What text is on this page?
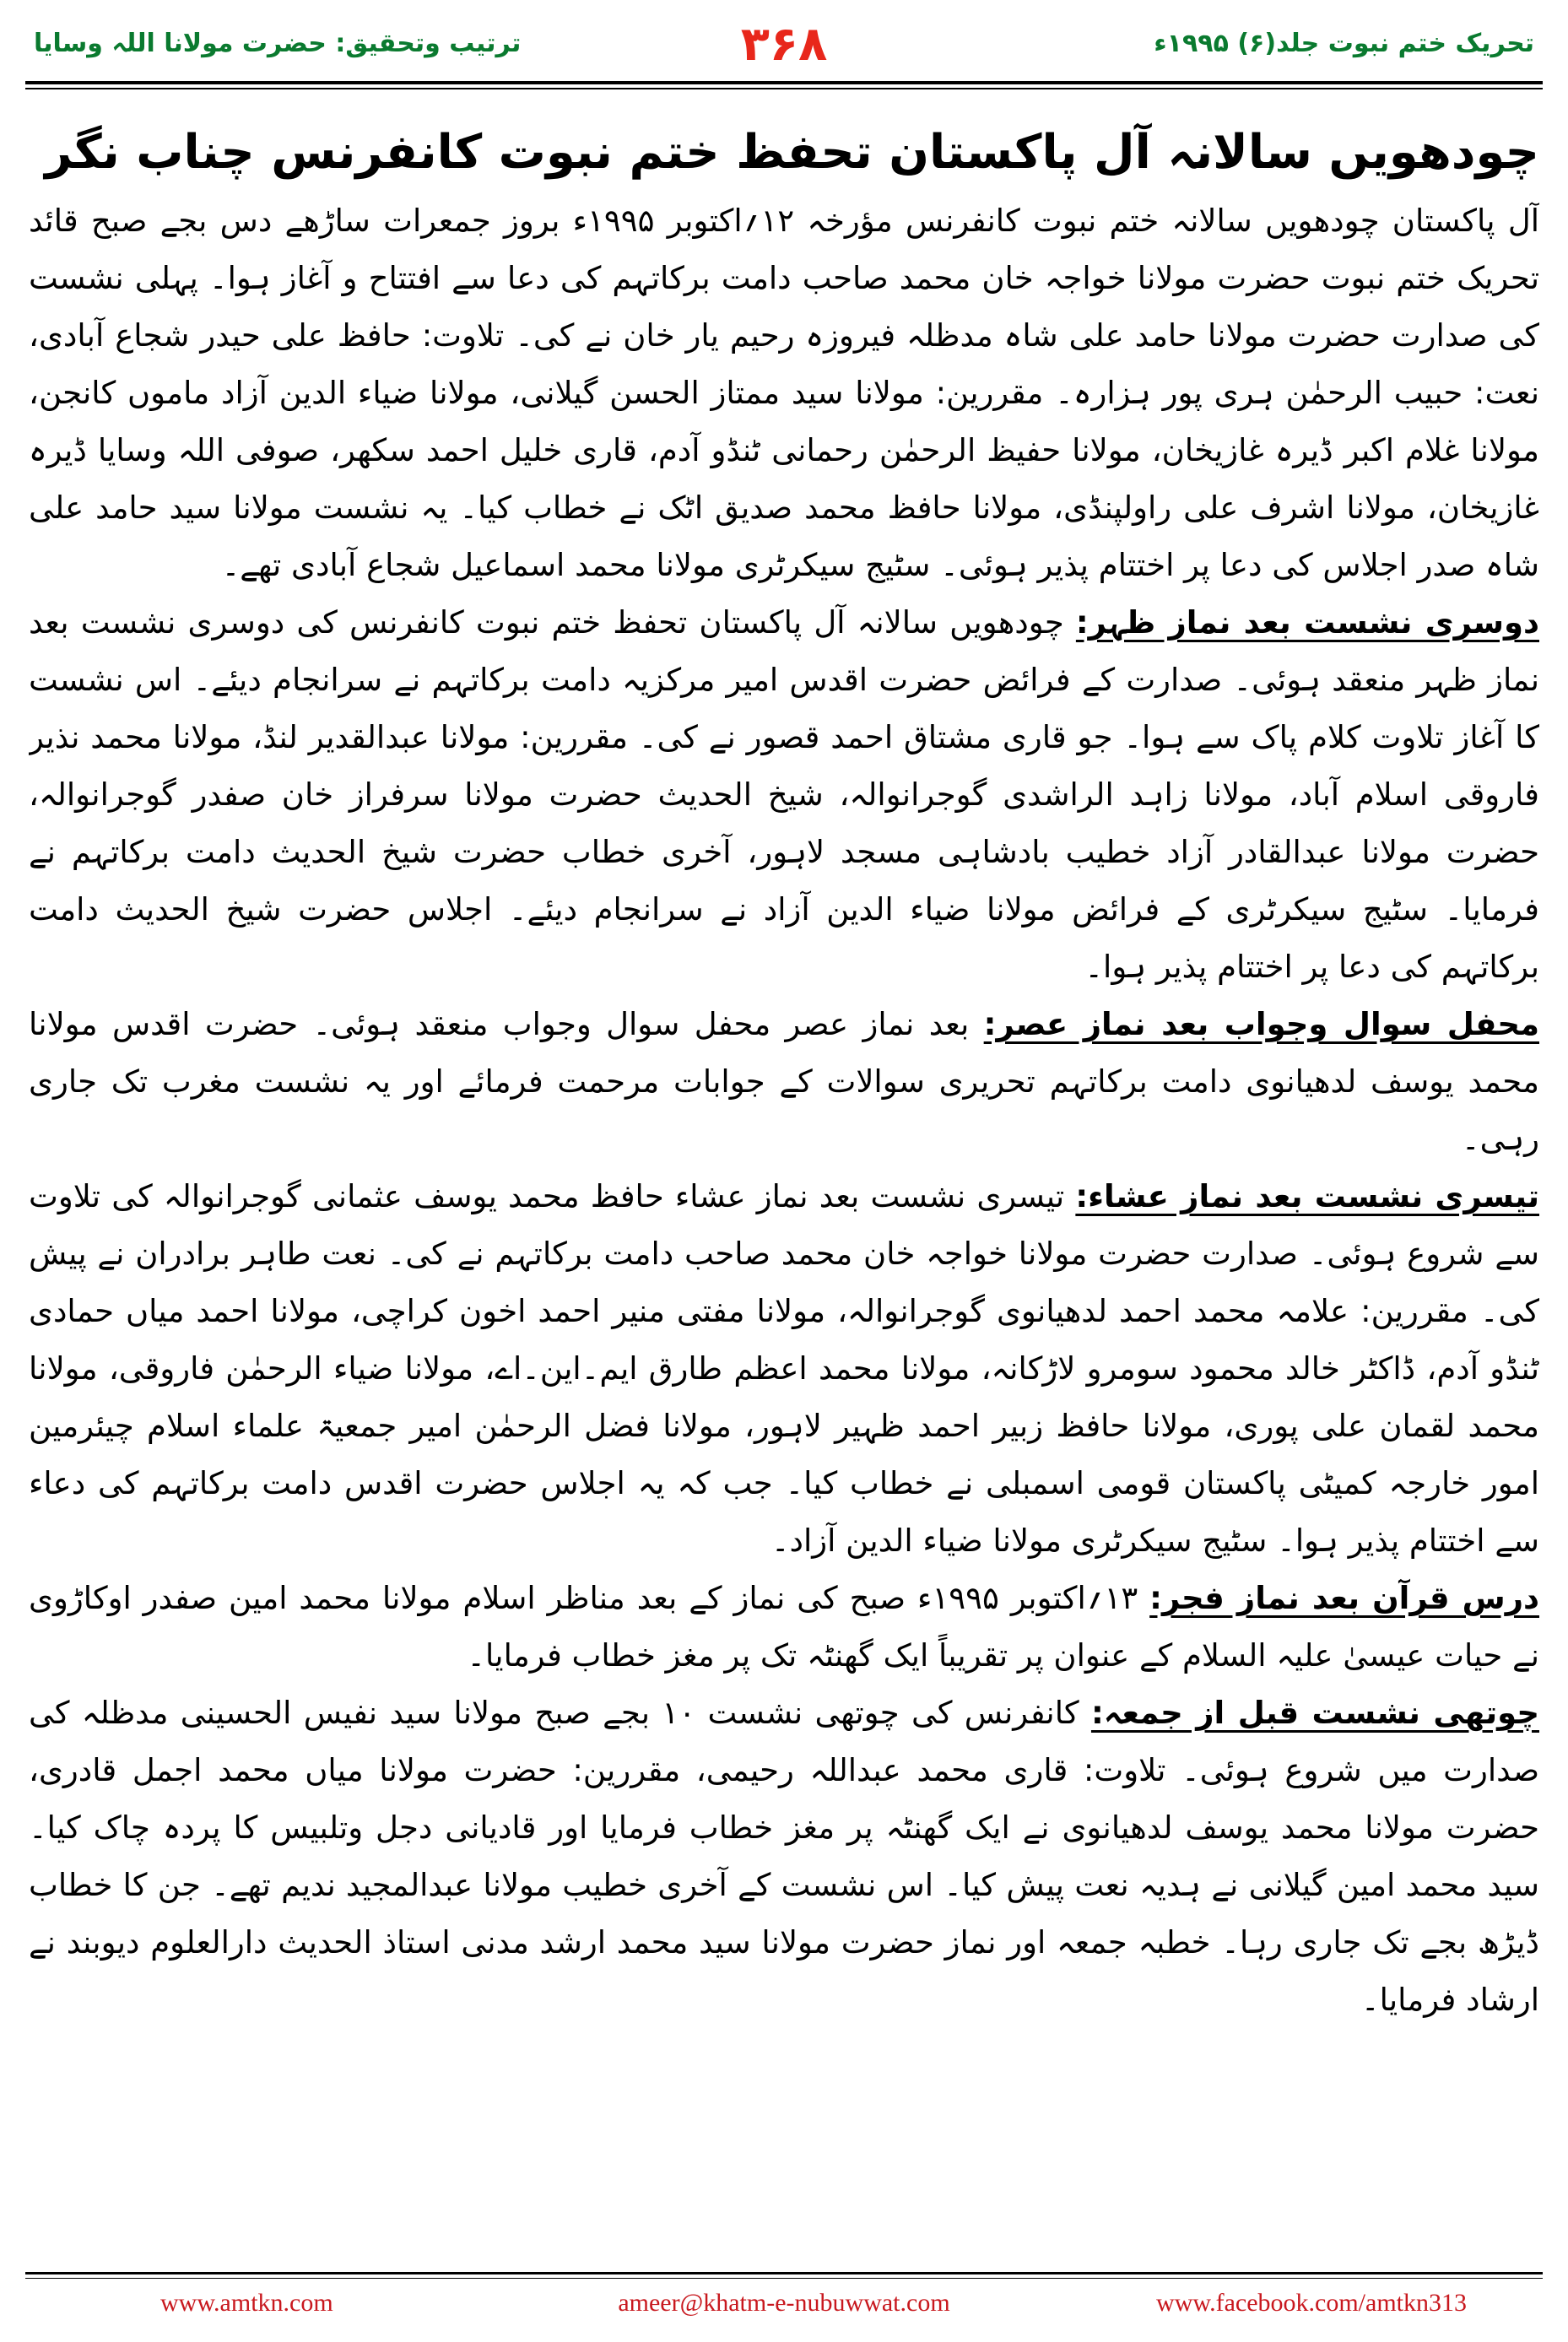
تحریک ختم نبوت جلد(۶) ۱۹۹۵ء
۳۶۸
ترتیب وتحقیق: حضرت مولانا اللہ وسایا
چودھویں سالانہ آل پاکستان تحفظ ختم نبوت کانفرنس چناب نگر

آل پاکستان چودھویں سالانہ ختم نبوت کانفرنس مؤرخہ ۱۲؍اکتوبر ۱۹۹۵ء بروز جمعرات ساڑھے دس بجے صبح قائد تحریک ختم نبوت حضرت مولانا خواجہ خان محمد صاحب دامت برکاتہم کی دعا سے افتتاح و آغاز ہوا۔ پہلی نشست کی صدارت حضرت مولانا حامد علی شاہ مدظلہ فیروزہ رحیم یار خان نے کی۔ تلاوت: حافظ علی حیدر شجاع آبادی، نعت: حبیب الرحمٰن ہری پور ہزارہ۔ مقررین: مولانا سید ممتاز الحسن گیلانی، مولانا ضیاء الدین آزاد ماموں کانجن، مولانا غلام اکبر ڈیرہ غازیخان، مولانا حفیظ الرحمٰن رحمانی ٹنڈو آدم، قاری خلیل احمد سکھر، صوفی اللہ وسایا ڈیرہ غازیخان، مولانا اشرف علی راولپنڈی، مولانا حافظ محمد صدیق اٹک نے خطاب کیا۔ یہ نشست مولانا سید حامد علی شاہ صدر اجلاس کی دعا پر اختتام پذیر ہوئی۔ سٹیج سیکرٹری مولانا محمد اسماعیل شجاع آبادی تھے۔

دوسری نشست بعد نماز ظہر: چودھویں سالانہ آل پاکستان تحفظ ختم نبوت کانفرنس کی دوسری نشست بعد نماز ظہر منعقد ہوئی۔ صدارت کے فرائض حضرت اقدس امیر مرکزیہ دامت برکاتہم نے سرانجام دیئے۔ اس نشست کا آغاز تلاوت کلام پاک سے ہوا۔ جو قاری مشتاق احمد قصور نے کی۔ مقررین: مولانا عبدالقدیر لنڈ، مولانا محمد نذیر فاروقی اسلام آباد، مولانا زاہد الراشدی گوجرانوالہ، شیخ الحدیث حضرت مولانا سرفراز خان صفدر گوجرانوالہ، حضرت مولانا عبدالقادر آزاد خطیب بادشاہی مسجد لاہور، آخری خطاب حضرت شیخ الحدیث دامت برکاتہم نے فرمایا۔ سٹیج سیکرٹری کے فرائض مولانا ضیاء الدین آزاد نے سرانجام دیئے۔ اجلاس حضرت شیخ الحدیث دامت برکاتہم کی دعا پر اختتام پذیر ہوا۔

محفل سوال وجواب بعد نماز عصر: بعد نماز عصر محفل سوال وجواب منعقد ہوئی۔ حضرت اقدس مولانا محمد یوسف لدھیانوی دامت برکاتہم تحریری سوالات کے جوابات مرحمت فرمائے اور یہ نشست مغرب تک جاری رہی۔

تیسری نشست بعد نماز عشاء: تیسری نشست بعد نماز عشاء حافظ محمد یوسف عثمانی گوجرانوالہ کی تلاوت سے شروع ہوئی۔ صدارت حضرت مولانا خواجہ خان محمد صاحب دامت برکاتہم نے کی۔ نعت طاہر برادران نے پیش کی۔ مقررین: علامہ محمد احمد لدھیانوی گوجرانوالہ، مولانا مفتی منیر احمد اخون کراچی، مولانا احمد میاں حمادی ٹنڈو آدم، ڈاکٹر خالد محمود سومرو لاڑکانہ، مولانا محمد اعظم طارق ایم۔این۔اے، مولانا ضیاء الرحمٰن فاروقی، مولانا محمد لقمان علی پوری، مولانا حافظ زبیر احمد ظہیر لاہور، مولانا فضل الرحمٰن امیر جمعیۃ علماء اسلام چیئرمین امور خارجہ کمیٹی پاکستان قومی اسمبلی نے خطاب کیا۔ جب کہ یہ اجلاس حضرت اقدس دامت برکاتہم کی دعاء سے اختتام پذیر ہوا۔ سٹیج سیکرٹری مولانا ضیاء الدین آزاد۔

درس قرآن بعد نماز فجر: ۱۳؍اکتوبر ۱۹۹۵ء صبح کی نماز کے بعد مناظر اسلام مولانا محمد امین صفدر اوکاڑوی نے حیات عیسیٰ علیہ السلام کے عنوان پر تقریباً ایک گھنٹہ تک پر مغز خطاب فرمایا۔

چوتھی نشست قبل از جمعہ: کانفرنس کی چوتھی نشست ۱۰ بجے صبح مولانا سید نفیس الحسینی مدظلہ کی صدارت میں شروع ہوئی۔ تلاوت: قاری محمد عبداللہ رحیمی، مقررین: حضرت مولانا میاں محمد اجمل قادری، حضرت مولانا محمد یوسف لدھیانوی نے ایک گھنٹہ پر مغز خطاب فرمایا اور قادیانی دجل وتلبیس کا پردہ چاک کیا۔ سید محمد امین گیلانی نے ہدیہ نعت پیش کیا۔ اس نشست کے آخری خطیب مولانا عبدالمجید ندیم تھے۔ جن کا خطاب ڈیڑھ بجے تک جاری رہا۔ خطبہ جمعہ اور نماز حضرت مولانا سید محمد ارشد مدنی استاذ الحدیث دارالعلوم دیوبند نے ارشاد فرمایا۔

www.amtkn.com	ameer@khatm-e-nubuwwat.com	www.facebook.com/amtkn313
